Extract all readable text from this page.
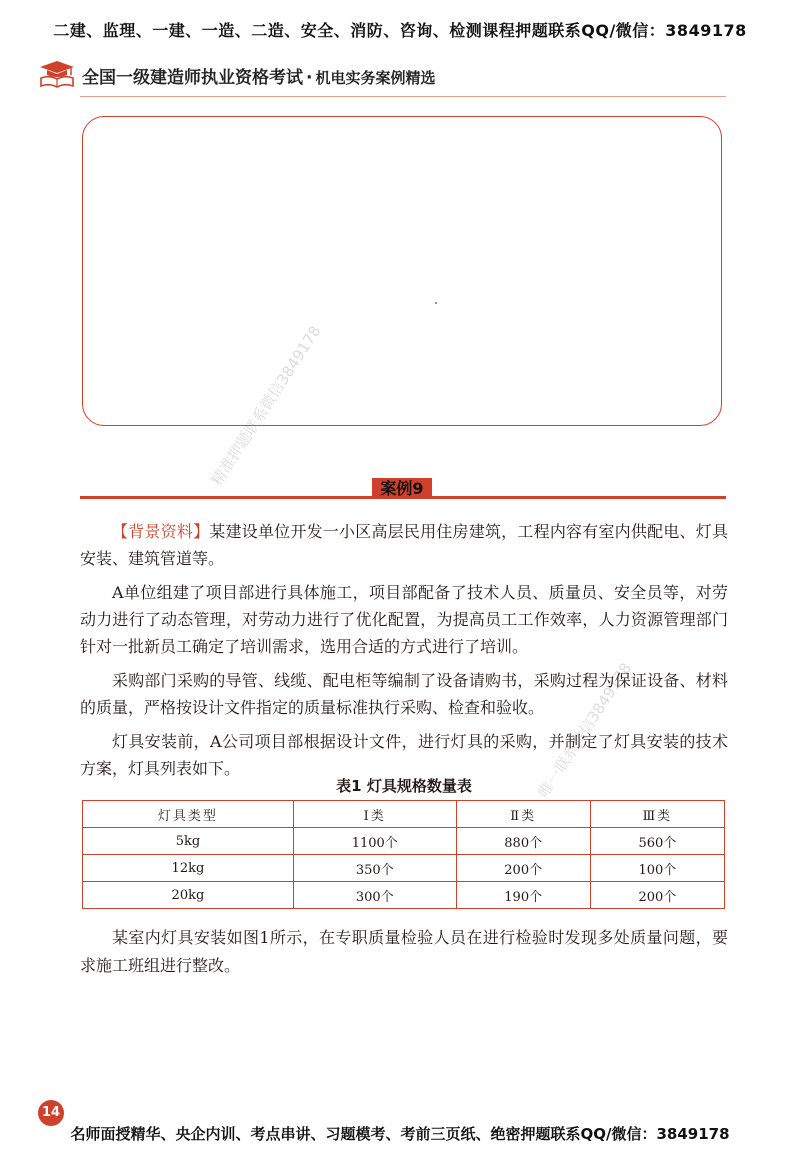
二建、监理、一建、一造、二造、安全、消防、咨询、检测课程押题联系QQ/微信：3849178
全国一级建造师执业资格考试 · 机电实务案例精选
精准押题联系微信3849178
唯一联系微信3849178
案例9

【背景资料】某建设单位开发一小区高层民用住房建筑，工程内容有室内供配电、灯具安装、建筑管道等。

A单位组建了项目部进行具体施工，项目部配备了技术人员、质量员、安全员等，对劳动力进行了动态管理，对劳动力进行了优化配置，为提高员工工作效率，人力资源管理部门针对一批新员工确定了培训需求，选用合适的方式进行了培训。

采购部门采购的导管、线缆、配电柜等编制了设备请购书，采购过程为保证设备、材料的质量，严格按设计文件指定的质量标准执行采购、检查和验收。

灯具安装前，A公司项目部根据设计文件，进行灯具的采购，并制定了灯具安装的技术方案，灯具列表如下。

表1 灯具规格数量表
灯具类型	Ⅰ类	Ⅱ类	Ⅲ类
5kg	1100个	880个	560个
12kg	350个	200个	100个
20kg	300个	190个	200个

某室内灯具安装如图1所示，在专职质量检验人员在进行检验时发现多处质量问题，要求施工班组进行整改。

14
名师面授精华、央企内训、考点串讲、习题模考、考前三页纸、绝密押题联系QQ/微信：3849178
